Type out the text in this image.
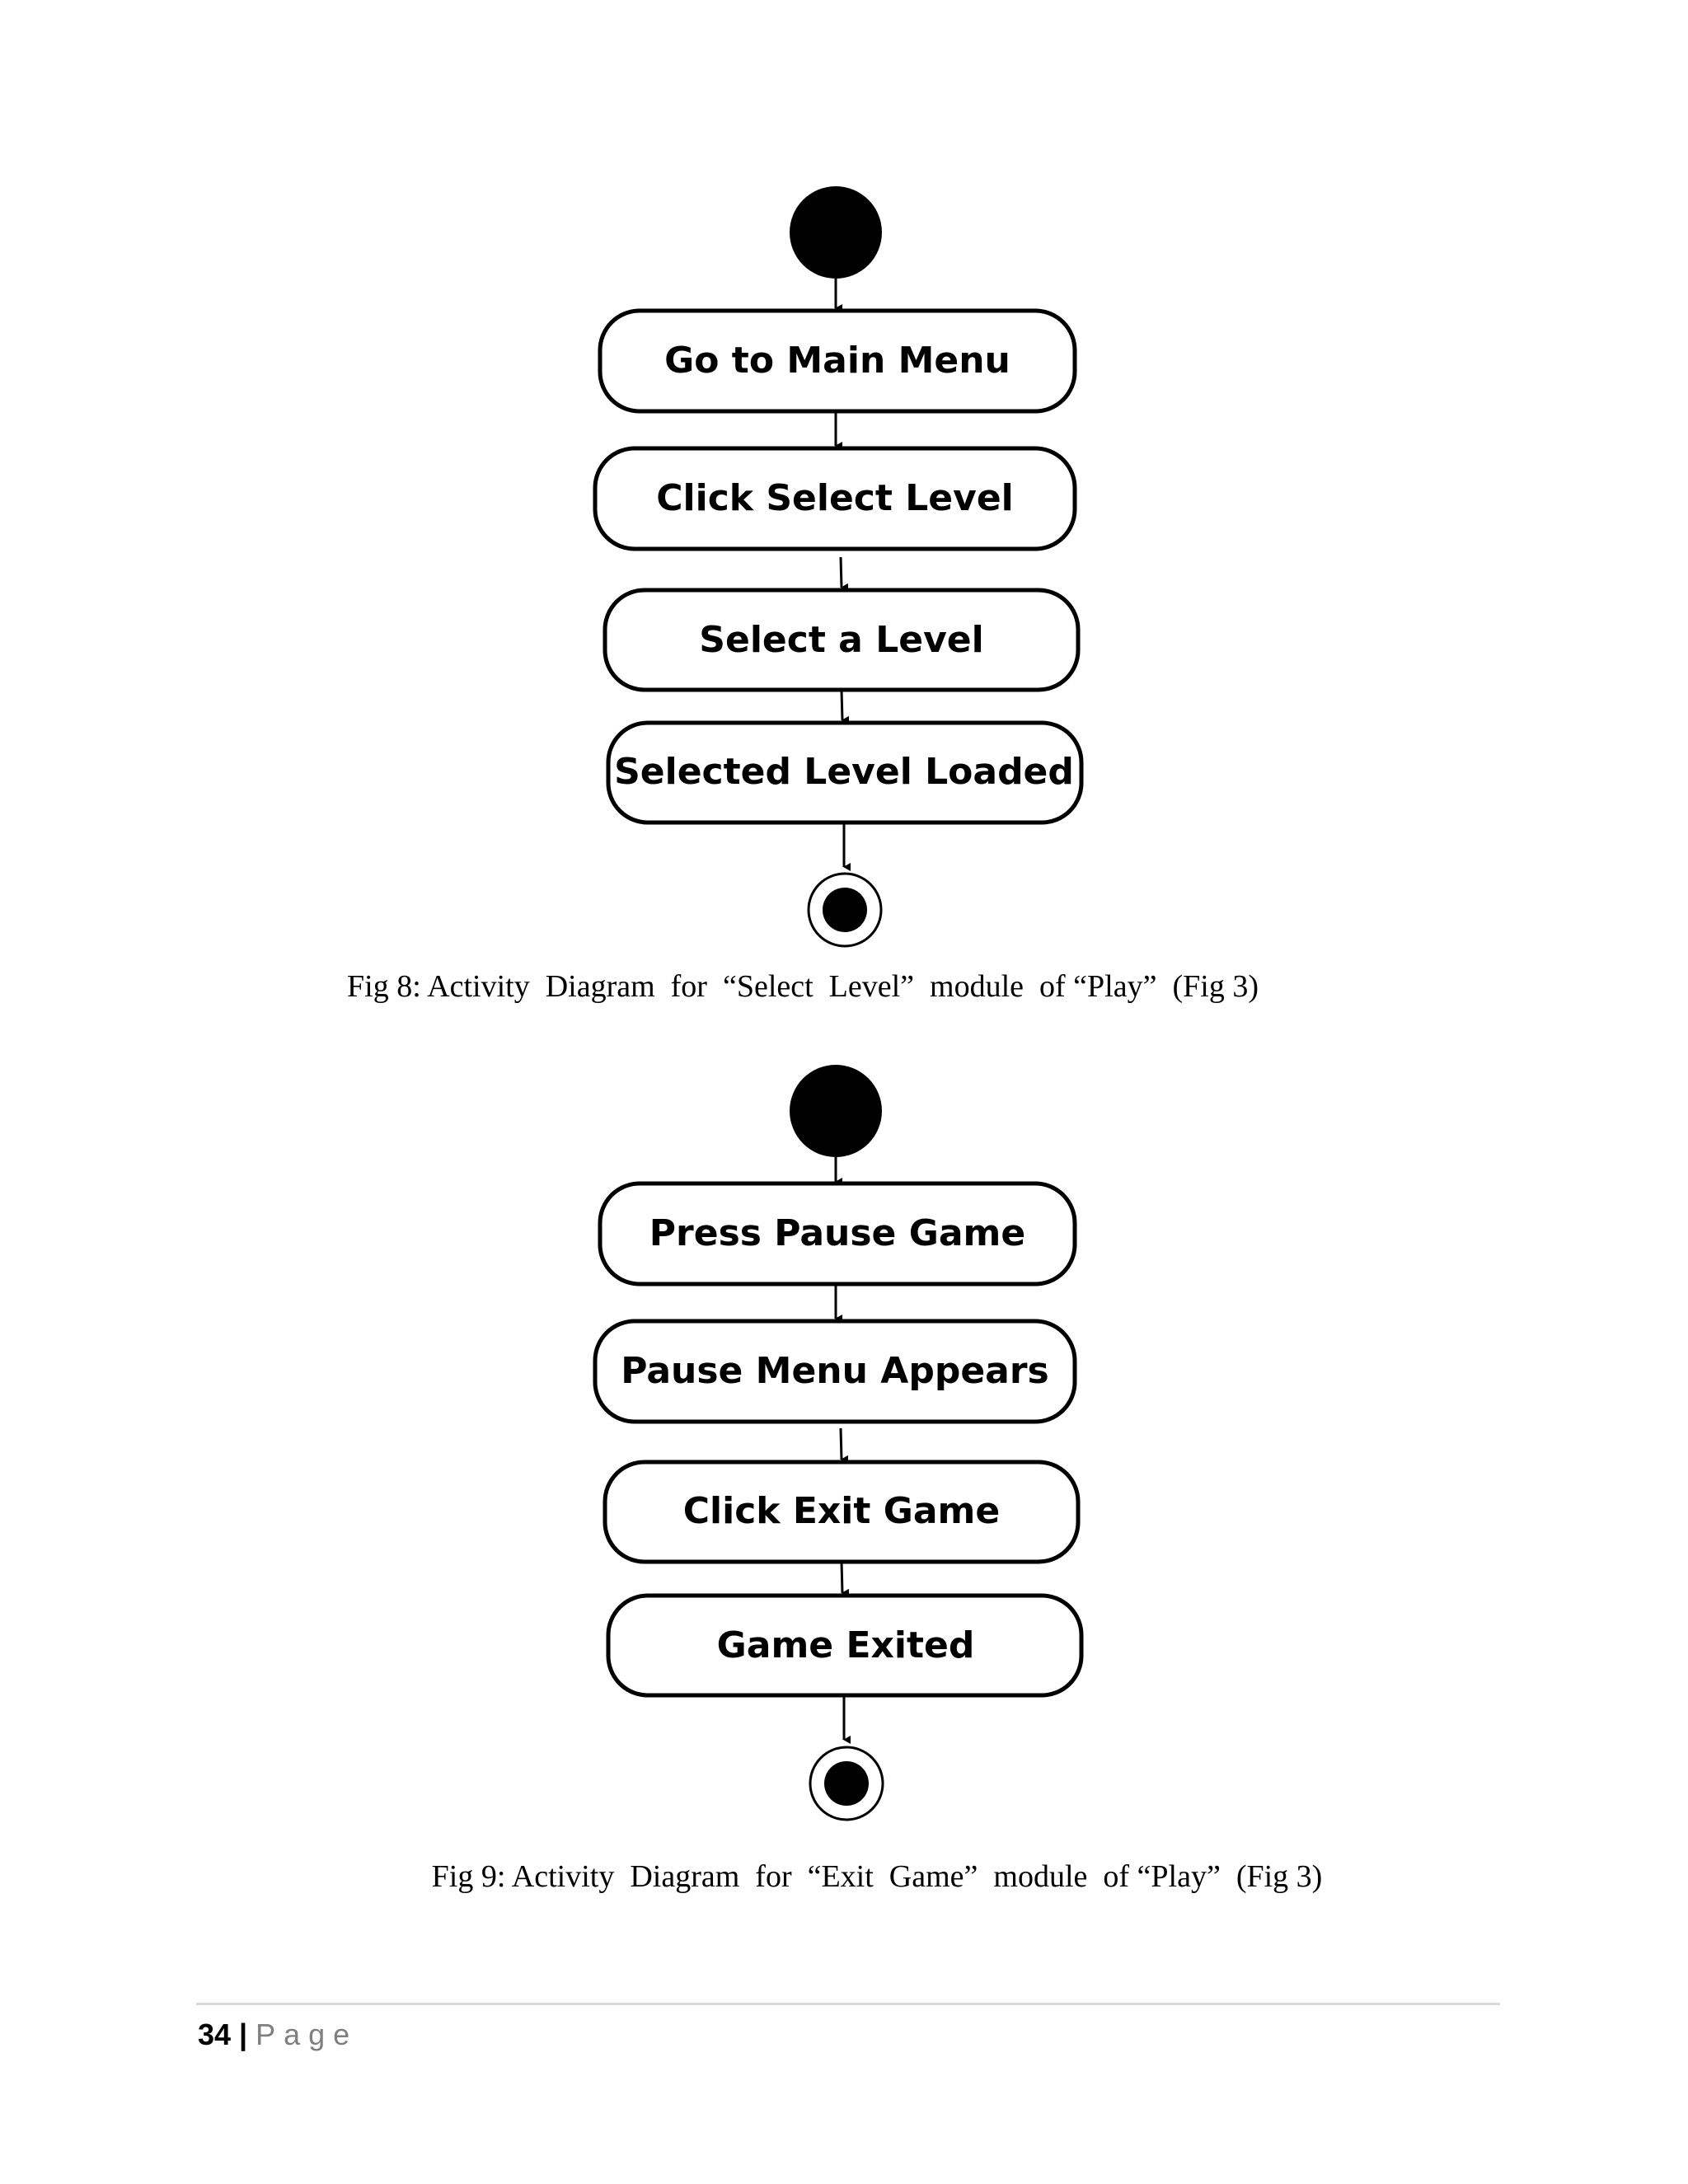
Go to Main Menu
Click Select Level
Select a Level
Selected Level Loaded
Press Pause Game
Pause Menu Appears
Click Exit Game
Game Exited
Fig 8: Activity  Diagram  for  “Select  Level”  module  of “Play”  (Fig 3)
Fig 9: Activity  Diagram  for  “Exit  Game”  module  of “Play”  (Fig 3)
34 | Page
